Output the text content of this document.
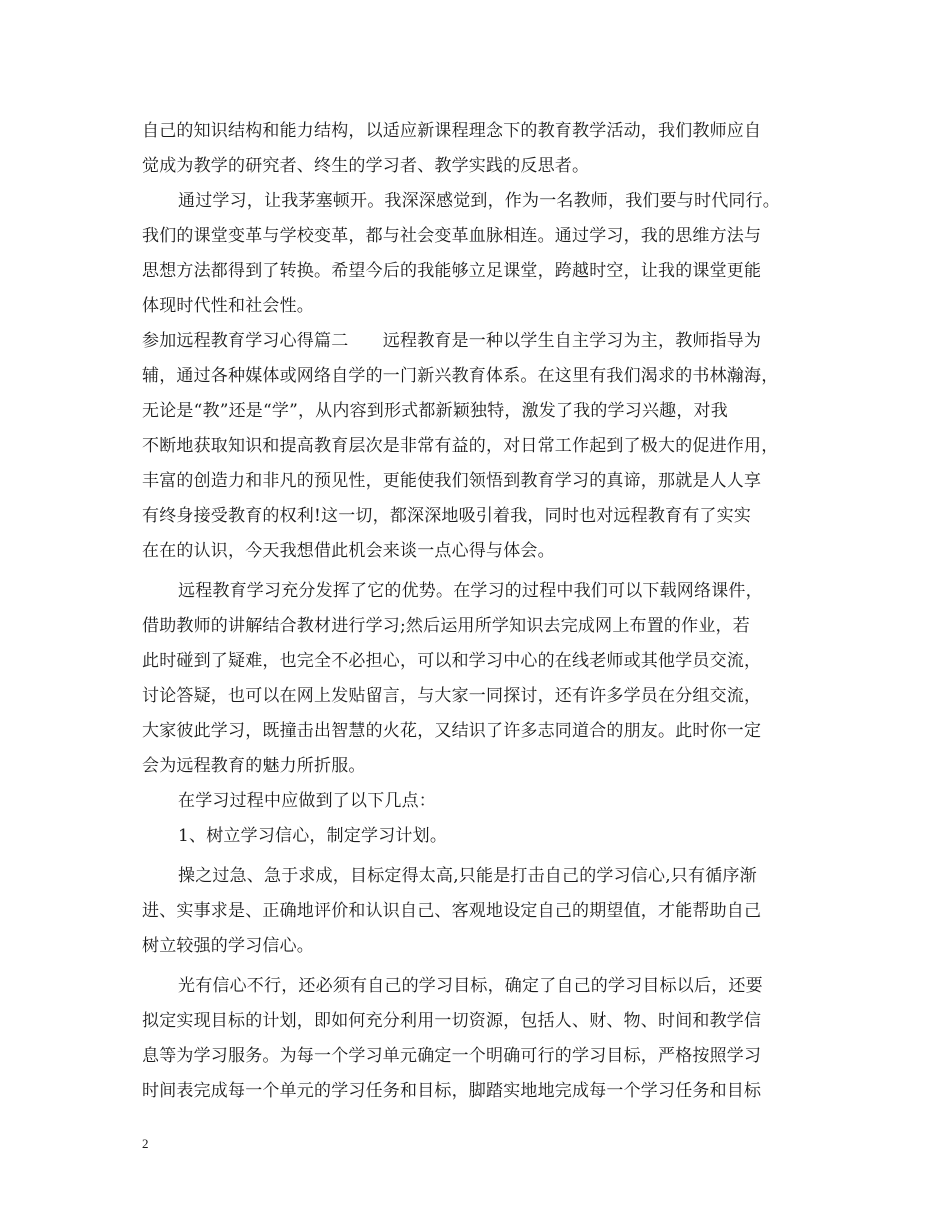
自己的知识结构和能力结构，以适应新课程理念下的教育教学活动，我们教师应自
觉成为教学的研究者、终生的学习者、教学实践的反思者。
通过学习，让我茅塞顿开。我深深感觉到，作为一名教师，我们要与时代同行。
我们的课堂变革与学校变革，都与社会变革血脉相连。通过学习，我的思维方法与
思想方法都得到了转换。希望今后的我能够立足课堂，跨越时空，让我的课堂更能
体现时代性和社会性。
参加远程教育学习心得篇二　　远程教育是一种以学生自主学习为主，教师指导为
辅，通过各种媒体或网络自学的一门新兴教育体系。在这里有我们渴求的书林瀚海，
无论是“教”还是“学”，从内容到形式都新颖独特，激发了我的学习兴趣，对我
不断地获取知识和提高教育层次是非常有益的，对日常工作起到了极大的促进作用，
丰富的创造力和非凡的预见性，更能使我们领悟到教育学习的真谛，那就是人人享
有终身接受教育的权利!这一切，都深深地吸引着我，同时也对远程教育有了实实
在在的认识，今天我想借此机会来谈一点心得与体会。
远程教育学习充分发挥了它的优势。在学习的过程中我们可以下载网络课件，
借助教师的讲解结合教材进行学习;然后运用所学知识去完成网上布置的作业，若
此时碰到了疑难，也完全不必担心，可以和学习中心的在线老师或其他学员交流，
讨论答疑，也可以在网上发贴留言，与大家一同探讨，还有许多学员在分组交流，
大家彼此学习，既撞击出智慧的火花，又结识了许多志同道合的朋友。此时你一定
会为远程教育的魅力所折服。
在学习过程中应做到了以下几点：
1、树立学习信心，制定学习计划。
操之过急、急于求成，目标定得太高,只能是打击自己的学习信心,只有循序渐
进、实事求是、正确地评价和认识自己、客观地设定自己的期望值，才能帮助自己
树立较强的学习信心。
光有信心不行，还必须有自己的学习目标，确定了自己的学习目标以后，还要
拟定实现目标的计划，即如何充分利用一切资源，包括人、财、物、时间和教学信
息等为学习服务。为每一个学习单元确定一个明确可行的学习目标，严格按照学习
时间表完成每一个单元的学习任务和目标，脚踏实地地完成每一个学习任务和目标
2
